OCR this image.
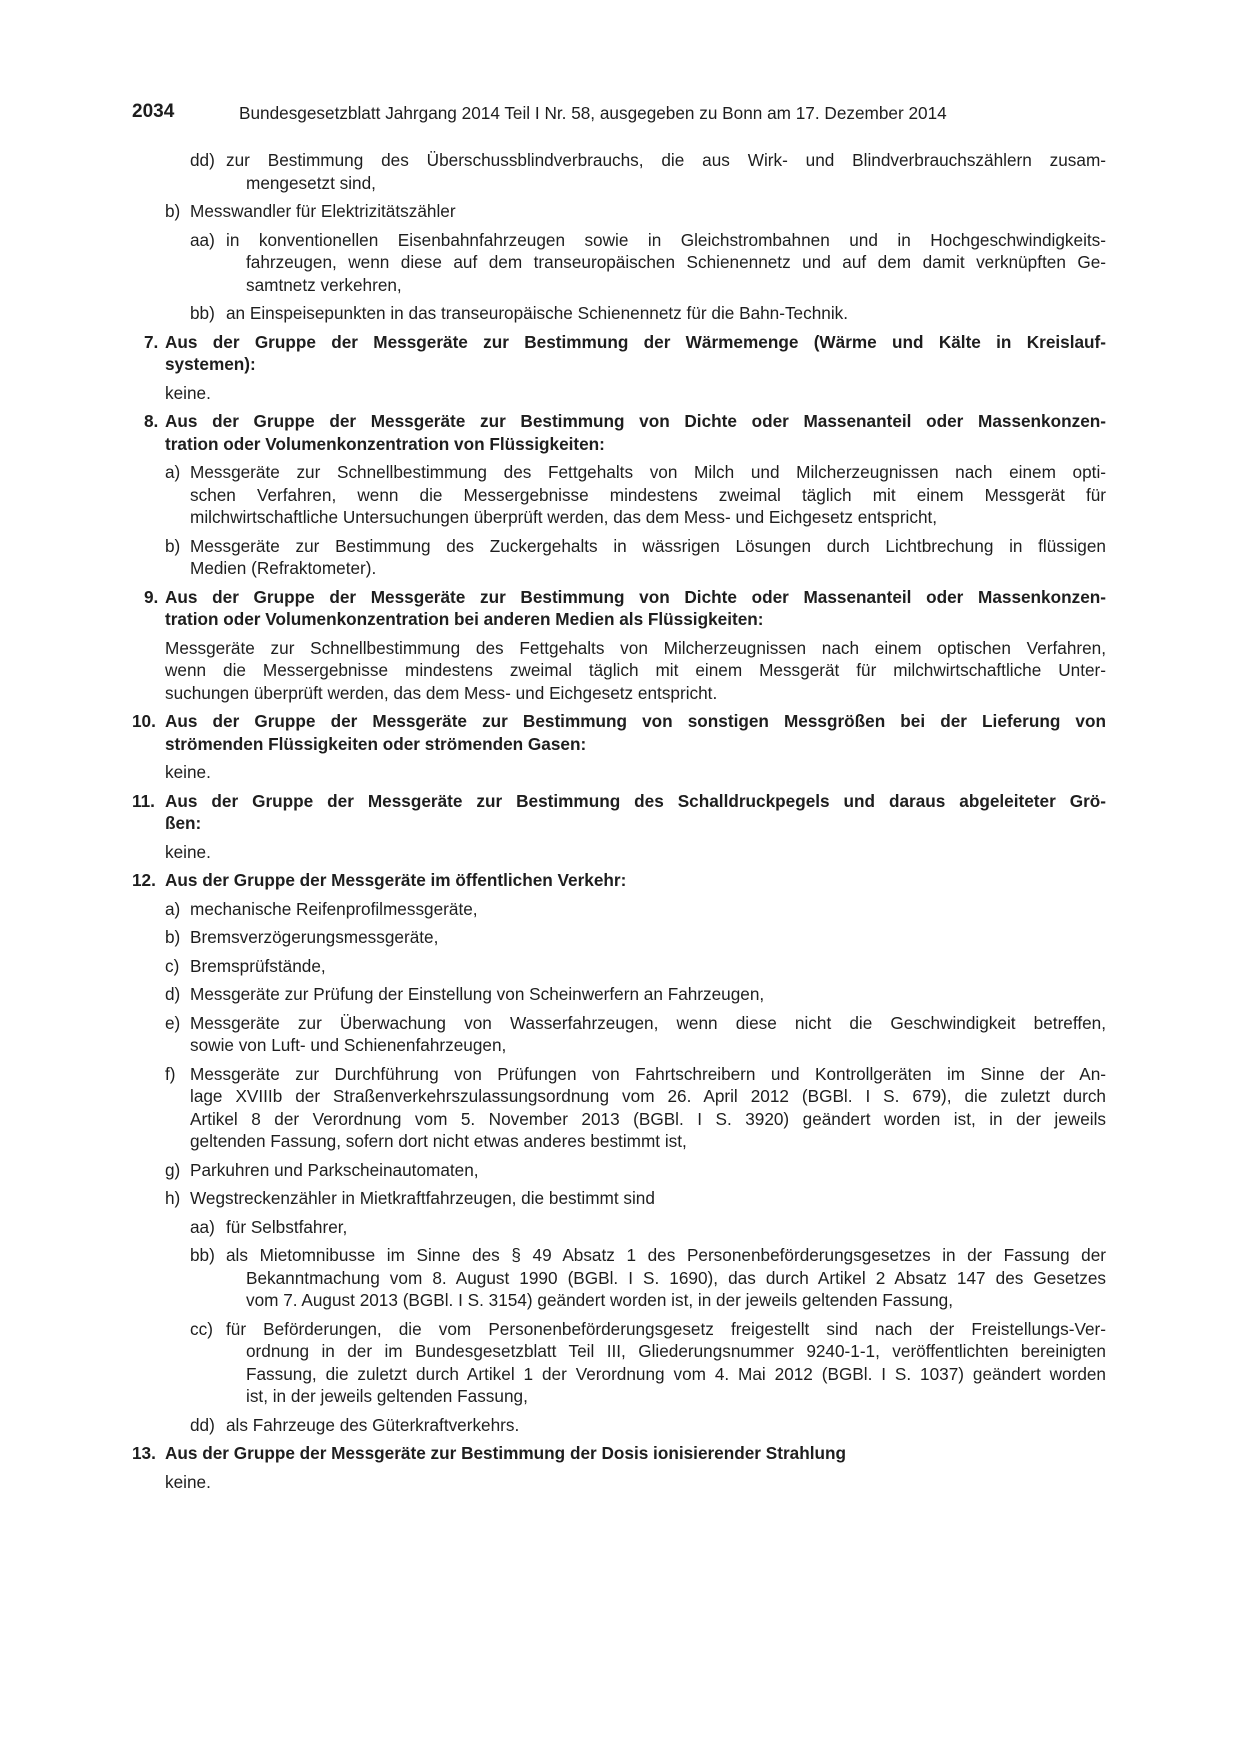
2034	Bundesgesetzblatt Jahrgang 2014 Teil I Nr. 58, ausgegeben zu Bonn am 17. Dezember 2014
zur Bestimmung des Überschussblindverbrauchs, die aus Wirk- und Blindverbrauchszählern zusam-
mengesetzt sind,
dd)
Messwandler für Elektrizitätszähler
b)
in konventionellen Eisenbahnfahrzeugen sowie in Gleichstrombahnen und in Hochgeschwindigkeits-
fahrzeugen, wenn diese auf dem transeuropäischen Schienennetz und auf dem damit verknüpften Ge-
samtnetz verkehren,
aa)
an Einspeisepunkten in das transeuropäische Schienennetz für die Bahn-Technik.
bb)
Aus der Gruppe der Messgeräte zur Bestimmung der Wärmemenge (Wärme und Kälte in Kreislauf-
systemen):
7.
keine.
Aus der Gruppe der Messgeräte zur Bestimmung von Dichte oder Massenanteil oder Massenkonzen-
tration oder Volumenkonzentration von Flüssigkeiten:
8.
Messgeräte zur Schnellbestimmung des Fettgehalts von Milch und Milcherzeugnissen nach einem opti-
schen Verfahren, wenn die Messergebnisse mindestens zweimal täglich mit einem Messgerät für
milchwirtschaftliche Untersuchungen überprüft werden, das dem Mess- und Eichgesetz entspricht,
a)
Messgeräte zur Bestimmung des Zuckergehalts in wässrigen Lösungen durch Lichtbrechung in flüssigen
Medien (Refraktometer).
b)
Aus der Gruppe der Messgeräte zur Bestimmung von Dichte oder Massenanteil oder Massenkonzen-
tration oder Volumenkonzentration bei anderen Medien als Flüssigkeiten:
9.
Messgeräte zur Schnellbestimmung des Fettgehalts von Milcherzeugnissen nach einem optischen Verfahren,
wenn die Messergebnisse mindestens zweimal täglich mit einem Messgerät für milchwirtschaftliche Unter-
suchungen überprüft werden, das dem Mess- und Eichgesetz entspricht.
Aus der Gruppe der Messgeräte zur Bestimmung von sonstigen Messgrößen bei der Lieferung von
strömenden Flüssigkeiten oder strömenden Gasen:
10.
keine.
Aus der Gruppe der Messgeräte zur Bestimmung des Schalldruckpegels und daraus abgeleiteter Grö-
ßen:
11.
keine.
Aus der Gruppe der Messgeräte im öffentlichen Verkehr:
12.
mechanische Reifenprofilmessgeräte,
a)
Bremsverzögerungsmessgeräte,
b)
Bremsprüfstände,
c)
Messgeräte zur Prüfung der Einstellung von Scheinwerfern an Fahrzeugen,
d)
Messgeräte zur Überwachung von Wasserfahrzeugen, wenn diese nicht die Geschwindigkeit betreffen,
sowie von Luft- und Schienenfahrzeugen,
e)
Messgeräte zur Durchführung von Prüfungen von Fahrtschreibern und Kontrollgeräten im Sinne der An-
lage XVIIIb der Straßenverkehrszulassungsordnung vom 26. April 2012 (BGBl. I S. 679), die zuletzt durch
Artikel 8 der Verordnung vom 5. November 2013 (BGBl. I S. 3920) geändert worden ist, in der jeweils
geltenden Fassung, sofern dort nicht etwas anderes bestimmt ist,
f)
Parkuhren und Parkscheinautomaten,
g)
Wegstreckenzähler in Mietkraftfahrzeugen, die bestimmt sind
h)
für Selbstfahrer,
aa)
als Mietomnibusse im Sinne des § 49 Absatz 1 des Personenbeförderungsgesetzes in der Fassung der
Bekanntmachung vom 8. August 1990 (BGBl. I S. 1690), das durch Artikel 2 Absatz 147 des Gesetzes
vom 7. August 2013 (BGBl. I S. 3154) geändert worden ist, in der jeweils geltenden Fassung,
bb)
für Beförderungen, die vom Personenbeförderungsgesetz freigestellt sind nach der Freistellungs-Ver-
ordnung in der im Bundesgesetzblatt Teil III, Gliederungsnummer 9240-1-1, veröffentlichten bereinigten
Fassung, die zuletzt durch Artikel 1 der Verordnung vom 4. Mai 2012 (BGBl. I S. 1037) geändert worden
ist, in der jeweils geltenden Fassung,
cc)
als Fahrzeuge des Güterkraftverkehrs.
dd)
Aus der Gruppe der Messgeräte zur Bestimmung der Dosis ionisierender Strahlung
13.
keine.
